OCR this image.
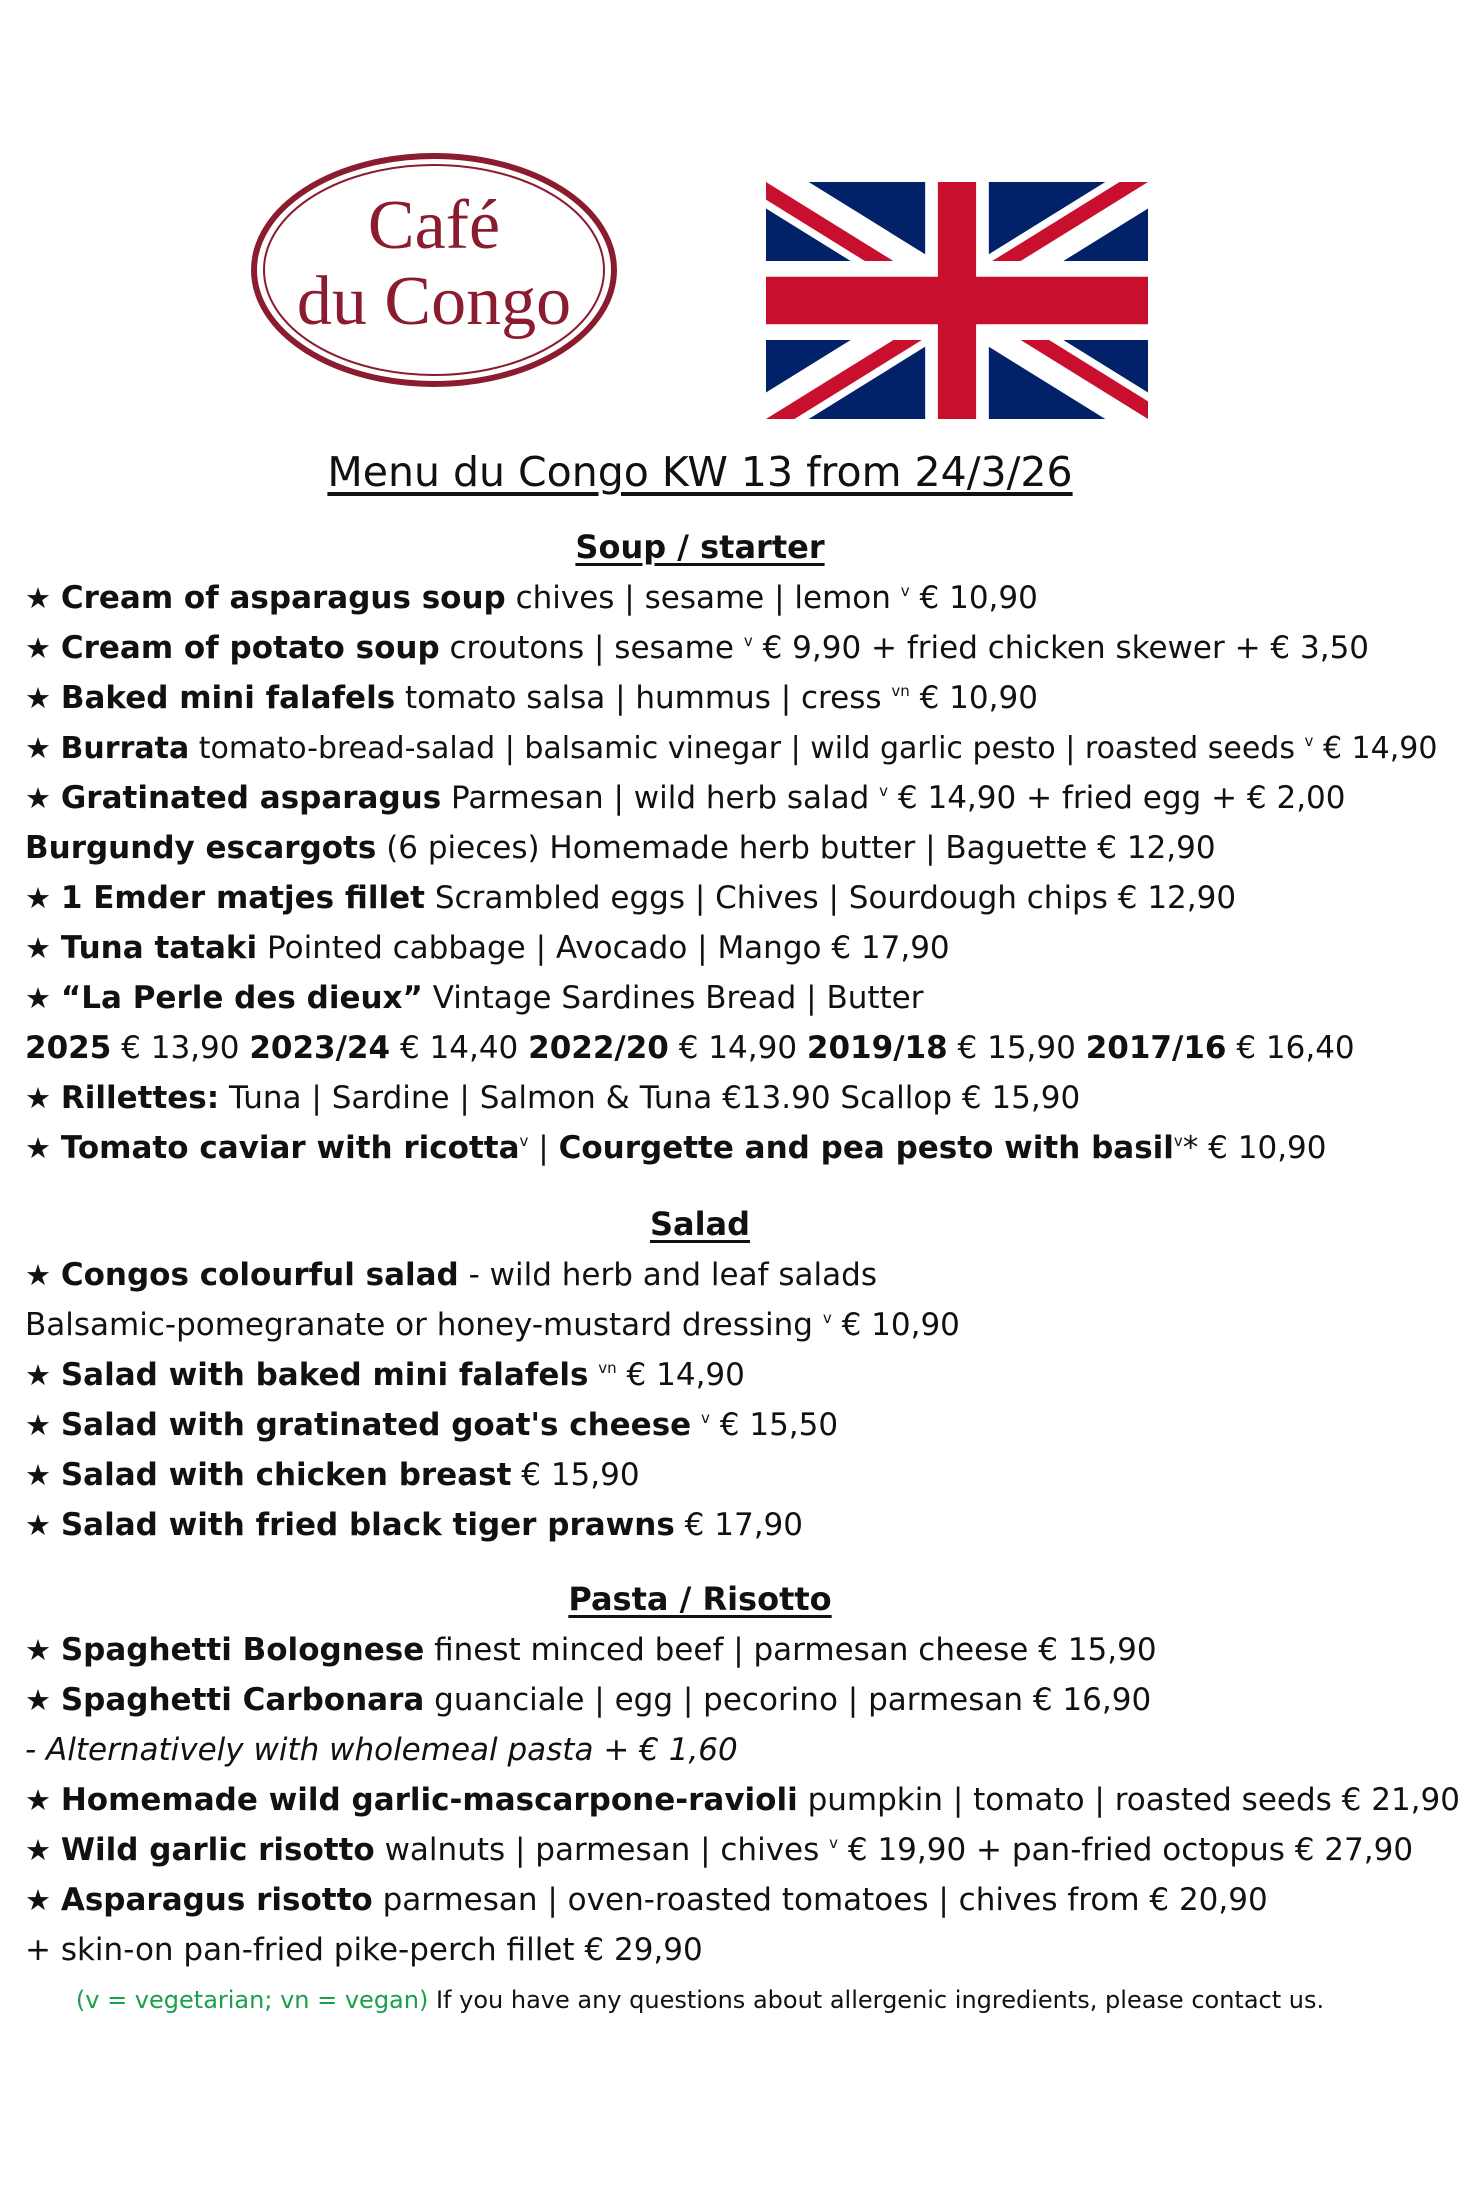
Café
du Congo
Menu du Congo KW 13 from 24/3/26
Soup / starter
★ Cream of asparagus soup chives | sesame | lemon $^v$ € 10,90
★ Cream of potato soup croutons | sesame $^v$ € 9,90 + fried chicken skewer + € 3,50
★ Baked mini falafels tomato salsa | hummus | cress $^{vn}$ € 10,90
★ Burrata tomato-bread-salad | balsamic vinegar | wild garlic pesto | roasted seeds $^v$ € 14,90
★ Gratinated asparagus Parmesan | wild herb salad $^v$ € 14,90 + fried egg + € 2,00
Burgundy escargots (6 pieces) Homemade herb butter | Baguette € 12,90
★ 1 Emder matjes fillet Scrambled eggs | Chives | Sourdough chips € 12,90
★ Tuna tataki Pointed cabbage | Avocado | Mango € 17,90
★ “La Perle des dieux” Vintage Sardines Bread | Butter
2025 € 13,90 2023/24 € 14,40 2022/20 € 14,90 2019/18 € 15,90 2017/16 € 16,40
★ Rillettes: Tuna | Sardine | Salmon & Tuna €13.90 Scallop € 15,90
★ Tomato caviar with ricotta$^v$ | Courgette and pea pesto with basil$^v$* € 10,90
Salad
★ Congos colourful salad - wild herb and leaf salads
Balsamic-pomegranate or honey-mustard dressing $^v$ € 10,90
★ Salad with baked mini falafels $^{vn}$ € 14,90
★ Salad with gratinated goat's cheese $^v$ € 15,50
★ Salad with chicken breast € 15,90
★ Salad with fried black tiger prawns € 17,90
Pasta / Risotto
★ Spaghetti Bolognese finest minced beef | parmesan cheese € 15,90
★ Spaghetti Carbonara guanciale | egg | pecorino | parmesan € 16,90
- Alternatively with wholemeal pasta + € 1,60
★ Homemade wild garlic-mascarpone-ravioli pumpkin | tomato | roasted seeds € 21,90
★ Wild garlic risotto walnuts | parmesan | chives $^v$ € 19,90 + pan-fried octopus € 27,90
★ Asparagus risotto parmesan | oven-roasted tomatoes | chives from € 20,90
+ skin-on pan-fried pike-perch fillet € 29,90
(v = vegetarian; vn = vegan) If you have any questions about allergenic ingredients, please contact us.
